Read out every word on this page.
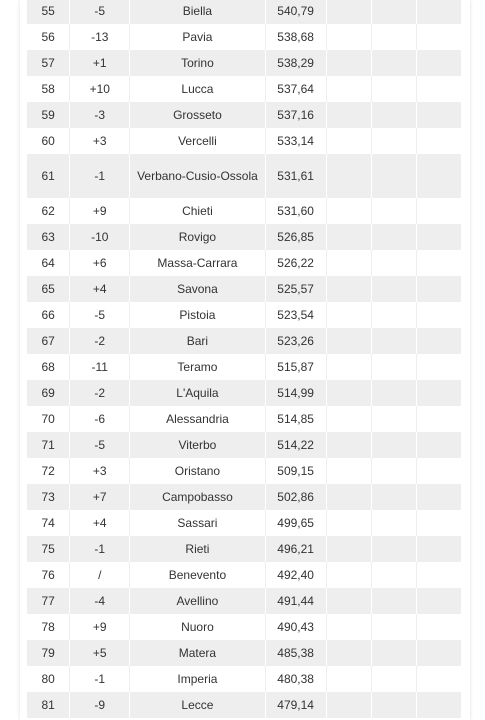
55	-5	Biella	540,79			
56	-13	Pavia	538,68			
57	+1	Torino	538,29			
58	+10	Lucca	537,64			
59	-3	Grosseto	537,16			
60	+3	Vercelli	533,14			
61	-1	Verbano-Cusio-Ossola	531,61			
62	+9	Chieti	531,60			
63	-10	Rovigo	526,85			
64	+6	Massa-Carrara	526,22			
65	+4	Savona	525,57			
66	-5	Pistoia	523,54			
67	-2	Bari	523,26			
68	-11	Teramo	515,87			
69	-2	L'Aquila	514,99			
70	-6	Alessandria	514,85			
71	-5	Viterbo	514,22			
72	+3	Oristano	509,15			
73	+7	Campobasso	502,86			
74	+4	Sassari	499,65			
75	-1	Rieti	496,21			
76	/	Benevento	492,40			
77	-4	Avellino	491,44			
78	+9	Nuoro	490,43			
79	+5	Matera	485,38			
80	-1	Imperia	480,38			
81	-9	Lecce	479,14			
